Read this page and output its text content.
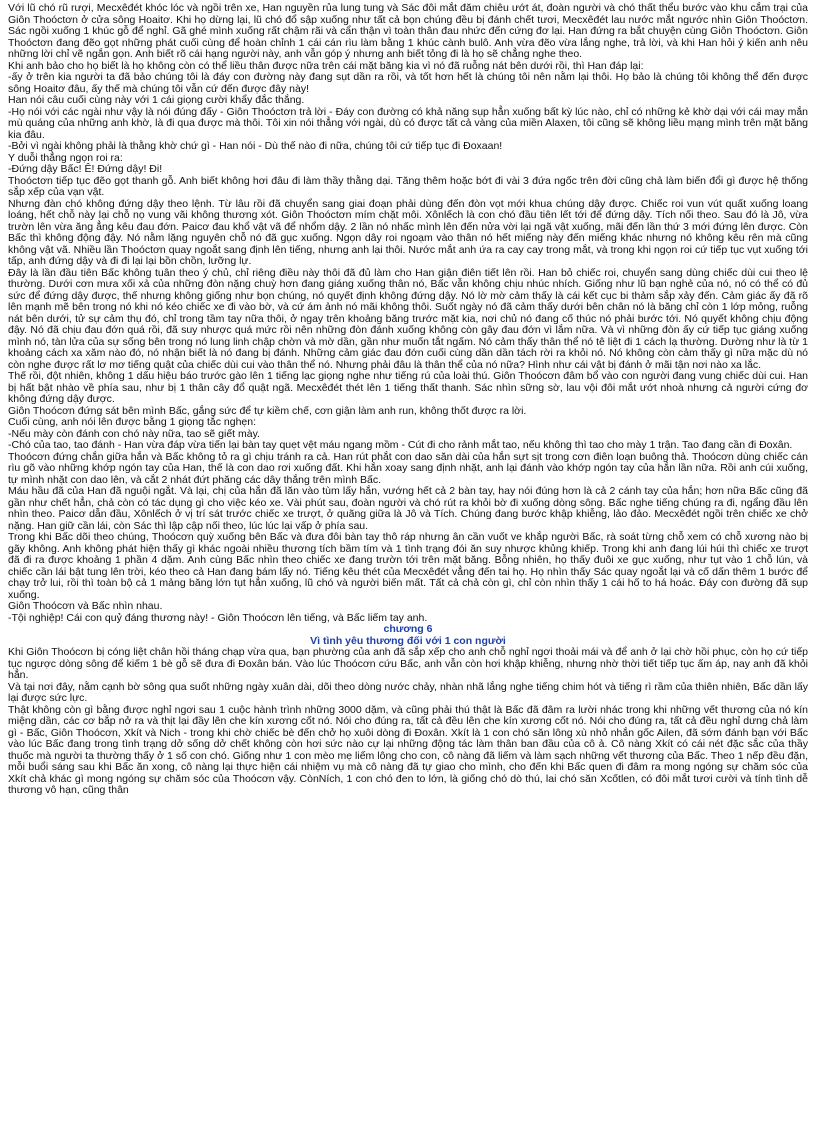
Với lũ chó rũ rượi, Mecxêđét khóc lóc và ngồi trên xe, Han nguyền rủa lung tung và Sác đôi mắt đăm chiêu ướt át, đoàn người và chó thất thểu bước vào khu cắm trại của Giôn Thoóctơn ở cửa sông Hoaitơ. Khi họ dừng lại, lũ chó đổ sập xuống như tất cả bọn chúng đều bị đánh chết tươi, Mecxêđét lau nước mắt ngước nhìn Giôn Thoóctơn. Sác ngồi xuống 1 khúc gỗ để nghỉ. Gã ghé mình xuống rất chậm rãi và cẩn thận vì toàn thân đau nhức đến cứng đơ lại. Han đứng ra bắt chuyện cùng Giôn Thoóctơn. Giôn Thoóctơn đang đẽo gọt những phát cuối cùng để hoàn chỉnh 1 cái cán rìu làm bằng 1 khúc cành bulô. Anh vừa đẽo vừa lắng nghe, trả lời, và khi Han hỏi ý kiến anh nêu những lời chỉ vẽ ngắn gọn. Anh biết rõ cái hạng người này, anh vẫn góp ý nhưng anh biết tỏng đi là họ sẽ chẳng nghe theo.

Khi anh bảo cho họ biết là họ không còn có thể liều thân được nữa trên cái mặt băng kia vì nó đã ruỗng nát bên dưới rồi, thì Han đáp lại:

-ấy ở trên kia người ta đã bảo chúng tôi là đáy con đường này đang sụt dần ra rồi, và tốt hơn hết là chúng tôi nên nằm lại thôi. Họ bảo là chúng tôi không thể đến được sông Hoaitơ đâu, ấy thế mà chúng tôi vẫn cứ đến được đây này!

Han nói câu cuối cùng này với 1 cái giọng cười khẩy đắc thắng.

-Họ nói với các ngài như vậy là nói đúng đấy - Giôn Thoóctơn trả lời - Đáy con đường có khả năng sụp hẳn xuống bất kỳ lúc nào, chỉ có những kẻ khờ dại với cái may mắn mù quáng của những anh khờ, là đi qua được mà thôi. Tôi xin nói thẳng với ngài, dù có được tất cả vàng của miền Alaxen, tôi cũng sẽ không liều mạng mình trên mặt băng kia đâu.

-Bởi vì ngài không phải là thằng khờ chứ gì - Han nói - Dù thế nào đi nữa, chúng tôi cứ tiếp tục đi Đoxaan!

Y duỗi thẳng ngọn roi ra:

-Đứng dậy Bấc! Ê! Đứng dậy! Đi!

Thoóctơn tiếp tục đẽo gọt thanh gỗ. Anh biết không hơi đâu đi làm thầy thằng dại. Tăng thêm hoặc bớt đi vài 3 đứa ngốc trên đời cũng chả làm biến đổi gì được hệ thống sắp xếp của vạn vật.

Nhưng đàn chó không đứng dậy theo lệnh. Từ lâu rồi đã chuyển sang giai đoạn phải dùng đến đòn vọt mới khua chúng dậy được. Chiếc roi vun vút quất xuống loang loáng, hết chỗ này lại chỗ nọ vung vãi không thương xót. Giôn Thoóctơn mím chặt môi. Xônlếch là con chó đầu tiên lết tới để đứng dậy. Tích nối theo. Sau đó là Jô, vừa trườn lên vừa ăng ẳng kêu đau đớn. Paicơ đau khổ vật vã để nhổm dậy. 2 lần nó nhấc mình lên đến nửa vời lại ngã vật xuống, mãi đến lần thứ 3 mới đứng lên được. Còn Bấc thì không động đậy. Nó nằm lặng nguyên chỗ nó đã gục xuống. Ngọn dây roi ngoạm vào thân nó hết miếng này đến miếng khác nhưng nó không kêu rên mà cũng không vật vã. Nhiều lần Thoóctơn quay ngoắt sang định lên tiếng, nhưng anh lại thôi. Nước mắt anh ứa ra cay cay trong mắt, và trong khi ngọn roi cứ tiếp tục vụt xuống tới tấp, anh đứng dậy và đi đi lại lại bồn chồn, lưỡng lự.

Đây là lần đầu tiên Bấc không tuân theo ý chủ, chỉ riêng điều này thôi đã đủ làm cho Han giận điên tiết lên rồi. Han bỏ chiếc roi, chuyển sang dùng chiếc dùi cui theo lệ thường. Dưới cơn mưa xối xả của những đòn nặng chuỳ hơn đang giáng xuống thân nó, Bấc vẫn không chịu nhúc nhích. Giống như lũ bạn nghẻ của nó, nó có thể có đủ sức để đứng dậy được, thế nhưng không giống như bọn chúng, nó quyết định không đứng dậy. Nó lờ mờ cảm thấy là cái kết cục bi thảm sắp xảy đến. Cảm giác ấy đã rõ lên mạnh mẽ bên trong nó khi nó kéo chiếc xe đi vào bờ, và cứ ám ảnh nó mãi không thôi. Suốt ngày nó đã cảm thấy dưới bên chân nó là băng chỉ còn 1 lớp mỏng, ruỗng nát bên dưới, tử sự cảm thụ đó, chỉ trong tầm tay nữa thôi, ở ngay trên khoảng băng trước mặt kia, nơi chủ nó đang cố thúc nó phải bước tới. Nó quyết không chịu động đậy. Nó đã chịu đau đớn quá rồi, đã suy nhược quá mức rồi nên những đòn đánh xuống không còn gây đau đớn vì lắm nữa. Và vì những đòn ấy cứ tiếp tục giáng xuống mình nó, tàn lửa của sự sống bên trong nó lung linh chập chờn và mờ dần, gần như muốn tắt ngấm. Nó cảm thấy thân thể nó tê liệt đi 1 cách lạ thường. Dường như là từ 1 khoảng cách xa xăm nào đó, nó nhận biết là nó đang bị đánh. Những cảm giác đau đớn cuối cùng dần dần tách rời ra khỏi nó. Nó không còn cảm thấy gì nữa mặc dù nó còn nghe được rất lơ mơ tiếng quật của chiếc dùi cui vào thân thể nó. Nhưng phải đâu là thân thể của nó nữa? Hình như cái vật bị đánh ở mãi tận nơi nào xa lắc.

Thế rồi, đột nhiên, không 1 dấu hiệu báo trước gào lên 1 tiếng lạc giọng nghe như tiếng rú của loài thú. Giôn Thoócơn đâm bổ vào con người đang vung chiếc dùi cui. Han bị hất bật nhào về phía sau, như bị 1 thân cây đổ quật ngã. Mecxêđét thét lên 1 tiếng thất thanh. Sác nhìn sững sờ, lau vội đôi mắt ướt nhoà nhưng cả người cứng đơ không đứng dậy được.

Giôn Thoócơn đứng sát bên mình Bấc, gắng sức để tự kiềm chế, cơn giận làm anh run, không thốt được ra lời.

Cuối cùng, anh nói lên được bằng 1 giọng tắc nghẹn:

-Nếu mày còn đánh con chó này nữa, tao sẽ giết mày.

-Chó của tao, tao đánh - Han vừa đáp vừa tiến lại bàn tay quẹt vệt máu ngang mồm - Cút đi cho rảnh mắt tao, nếu không thì tao cho mày 1 trận. Tao đang cần đi Đoxân.

Thoócơn đứng chắn giữa hắn và Bấc không tỏ ra gì chịu tránh ra cả. Han rút phắt con dao săn dài của hắn sựt sịt trong cơn điên loạn buông thả. Thoócơn dùng chiếc cán rìu gõ vào những khớp ngón tay của Han, thế là con dao rơi xuống đất. Khi hắn xoay sang định nhặt, anh lại đánh vào khớp ngón tay của hắn lần nữa. Rồi anh cúi xuống, tự mình nhặt con dao lên, và cắt 2 nhát đứt phăng các dây thắng trên mình Bấc.

Máu hầu đã của Han đã nguội ngắt. Và lại, chị của hắn đã lăn vào tùm lấy hắn, vướng hết cả 2 bàn tay, hay nói đúng hơn là cả 2 cánh tay của hắn; hơn nữa Bấc cũng đã gần như chết hẳn, chả còn có tác dụng gì cho việc kéo xe. Vài phút sau, đoàn người và chó rút ra khỏi bờ đi xuống dòng sông. Bấc nghe tiếng chúng ra đi, ngẩng đầu lên nhìn theo. Paicơ dẫn đầu, Xônlếch ở vị trí sát trước chiếc xe trượt, ở quãng giữa là Jô và Tích. Chúng đang bước khập khiễng, lảo đảo. Mecxêđét ngồi trên chiếc xe chở nặng. Han giữ cần lái, còn Sác thì lập cập nối theo, lúc lúc lại vấp ở phía sau.

Trong khi Bấc dõi theo chúng, Thoócơn quỳ xuống bên Bấc và đưa đôi bàn tay thô ráp nhưng ân cần vuốt ve khắp người Bấc, rà soát từng chỗ xem có chỗ xương nào bị gãy không. Anh không phát hiện thấy gì khác ngoài nhiều thương tích bầm tím và 1 tình trạng đói ăn suy nhược khủng khiếp. Trong khi anh đang lúi húi thì chiếc xe trượt đã đi ra được khoảng 1 phần 4 dặm. Anh cùng Bấc nhìn theo chiếc xe đang trườn tới trên mặt băng. Bỗng nhiên, họ thấy đuôi xe gục xuống, như tụt vào 1 chỗ lún, và chiếc cần lái bật tung lên trời, kéo theo cả Han đang bám lấy nó. Tiếng kêu thét của Mecxêđét vẳng đến tai họ. Họ nhìn thấy Sác quay ngoắt lại và cố dấn thêm 1 bước để chạy trở lui, rồi thì toàn bộ cả 1 mảng băng lớn tụt hẳn xuống, lũ chó và người biến mất. Tất cả chả còn gì, chỉ còn nhìn thấy 1 cái hố to há hoác. Đáy con đường đã sụp xuống.

Giôn Thoócơn và Bấc nhìn nhau.

-Tội nghiệp! Cái con quỷ đáng thương này! - Giôn Thoócơn lên tiếng, và Bấc liếm tay anh.

chương 6
Vì tình yêu thương đối với 1 con người

Khi Giôn Thoócơn bị cóng liệt chân hồi tháng chạp vừa qua, bạn phường của anh đã sắp xếp cho anh chỗ nghỉ ngơi thoải mái và để anh ở lại chờ hồi phục, còn họ cứ tiếp tục ngược dòng sông để kiếm 1 bè gỗ sẽ đưa đi Đoxân bán. Vào lúc Thoócơn cứu Bấc, anh vẫn còn hơi khập khiễng, nhưng nhờ thời tiết tiếp tục ấm áp, nay anh đã khỏi hẳn.

Và tại nơi đây, nằm cạnh bờ sông qua suốt những ngày xuân dài, dõi theo dòng nước chảy, nhàn nhã lắng nghe tiếng chim hót và tiếng rì rầm của thiên nhiên, Bấc dần lấy lại được sức lực.

Thật không còn gì bằng được nghỉ ngơi sau 1 cuộc hành trình những 3000 dặm, và cũng phải thú thật là Bấc đã đâm ra lười nhác trong khi những vết thương của nó kín miệng dần, các cơ bắp nở ra và thịt lại đầy lên che kín xương cốt nó. Nói cho đúng ra, tất cả đều lên che kín xương cốt nó. Nói cho đúng ra, tất cả đều nghỉ dưng chả làm gì - Bấc, Giôn Thoócơn, Xkít và Nich - trong khi chờ chiếc bè đến chở họ xuôi dòng đi Đoxân. Xkít là 1 con chó săn lông xù nhỏ nhắn gốc Ailen, đã sớm đánh bạn với Bấc vào lúc Bấc đang trong tình trạng dở sống dở chết không còn hơi sức nào cự lại những động tác làm thân ban đầu của cô ả. Cô nàng Xkít có cái nét đặc sắc của thầy thuốc mà người ta thường thấy ở 1 số con chó. Giống như 1 con mèo mẹ liếm lông cho con, cô nàng đã liếm và làm sạch những vết thương của Bấc. Theo 1 nếp đều đặn, mỗi buổi sáng sau khi Bấc ăn xong, cô nàng lại thực hiện cái nhiệm vụ mà cô nàng đã tự giao cho mình, cho đến khi Bấc quen đi đâm ra mong ngóng sự chăm sóc của Xkít chả khác gì mong ngóng sự chăm sóc của Thoócơn vậy. CònNích, 1 con chó đen to lớn, là giống chó dò thú, lai chó săn Xcốtlen, có đôi mắt tươi cười và tính tình dễ thương vô hạn, cũng thân
